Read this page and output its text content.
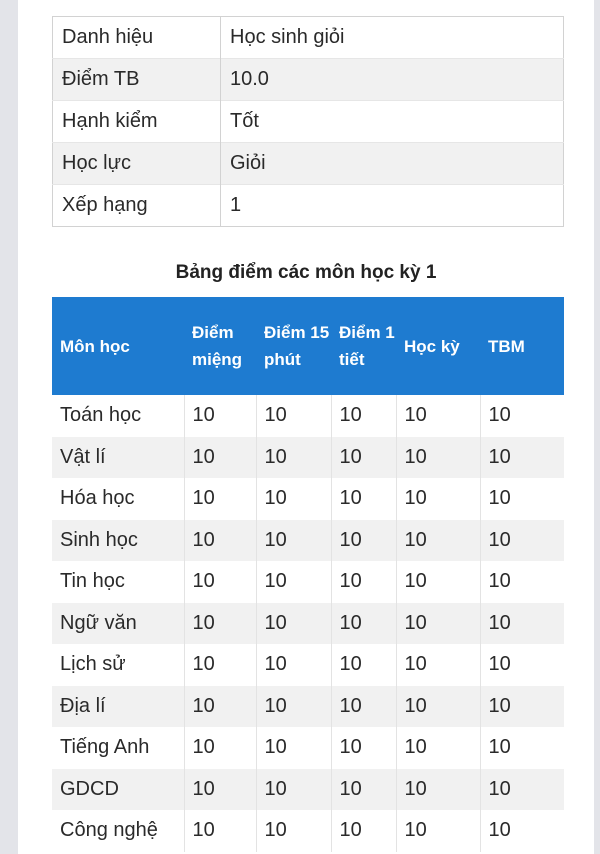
Danh hiệu	Học sinh giỏi
Điểm TB	10.0
Hạnh kiểm	Tốt
Học lực	Giỏi
Xếp hạng	1
Bảng điểm các môn học kỳ 1
Môn học	Điểm miệng	Điểm 15 phút	Điểm 1 tiết	Học kỳ	TBM
Toán học	10	10	10	10	10
Vật lí	10	10	10	10	10
Hóa học	10	10	10	10	10
Sinh học	10	10	10	10	10
Tin học	10	10	10	10	10
Ngữ văn	10	10	10	10	10
Lịch sử	10	10	10	10	10
Địa lí	10	10	10	10	10
Tiếng Anh	10	10	10	10	10
GDCD	10	10	10	10	10
Công nghệ	10	10	10	10	10
